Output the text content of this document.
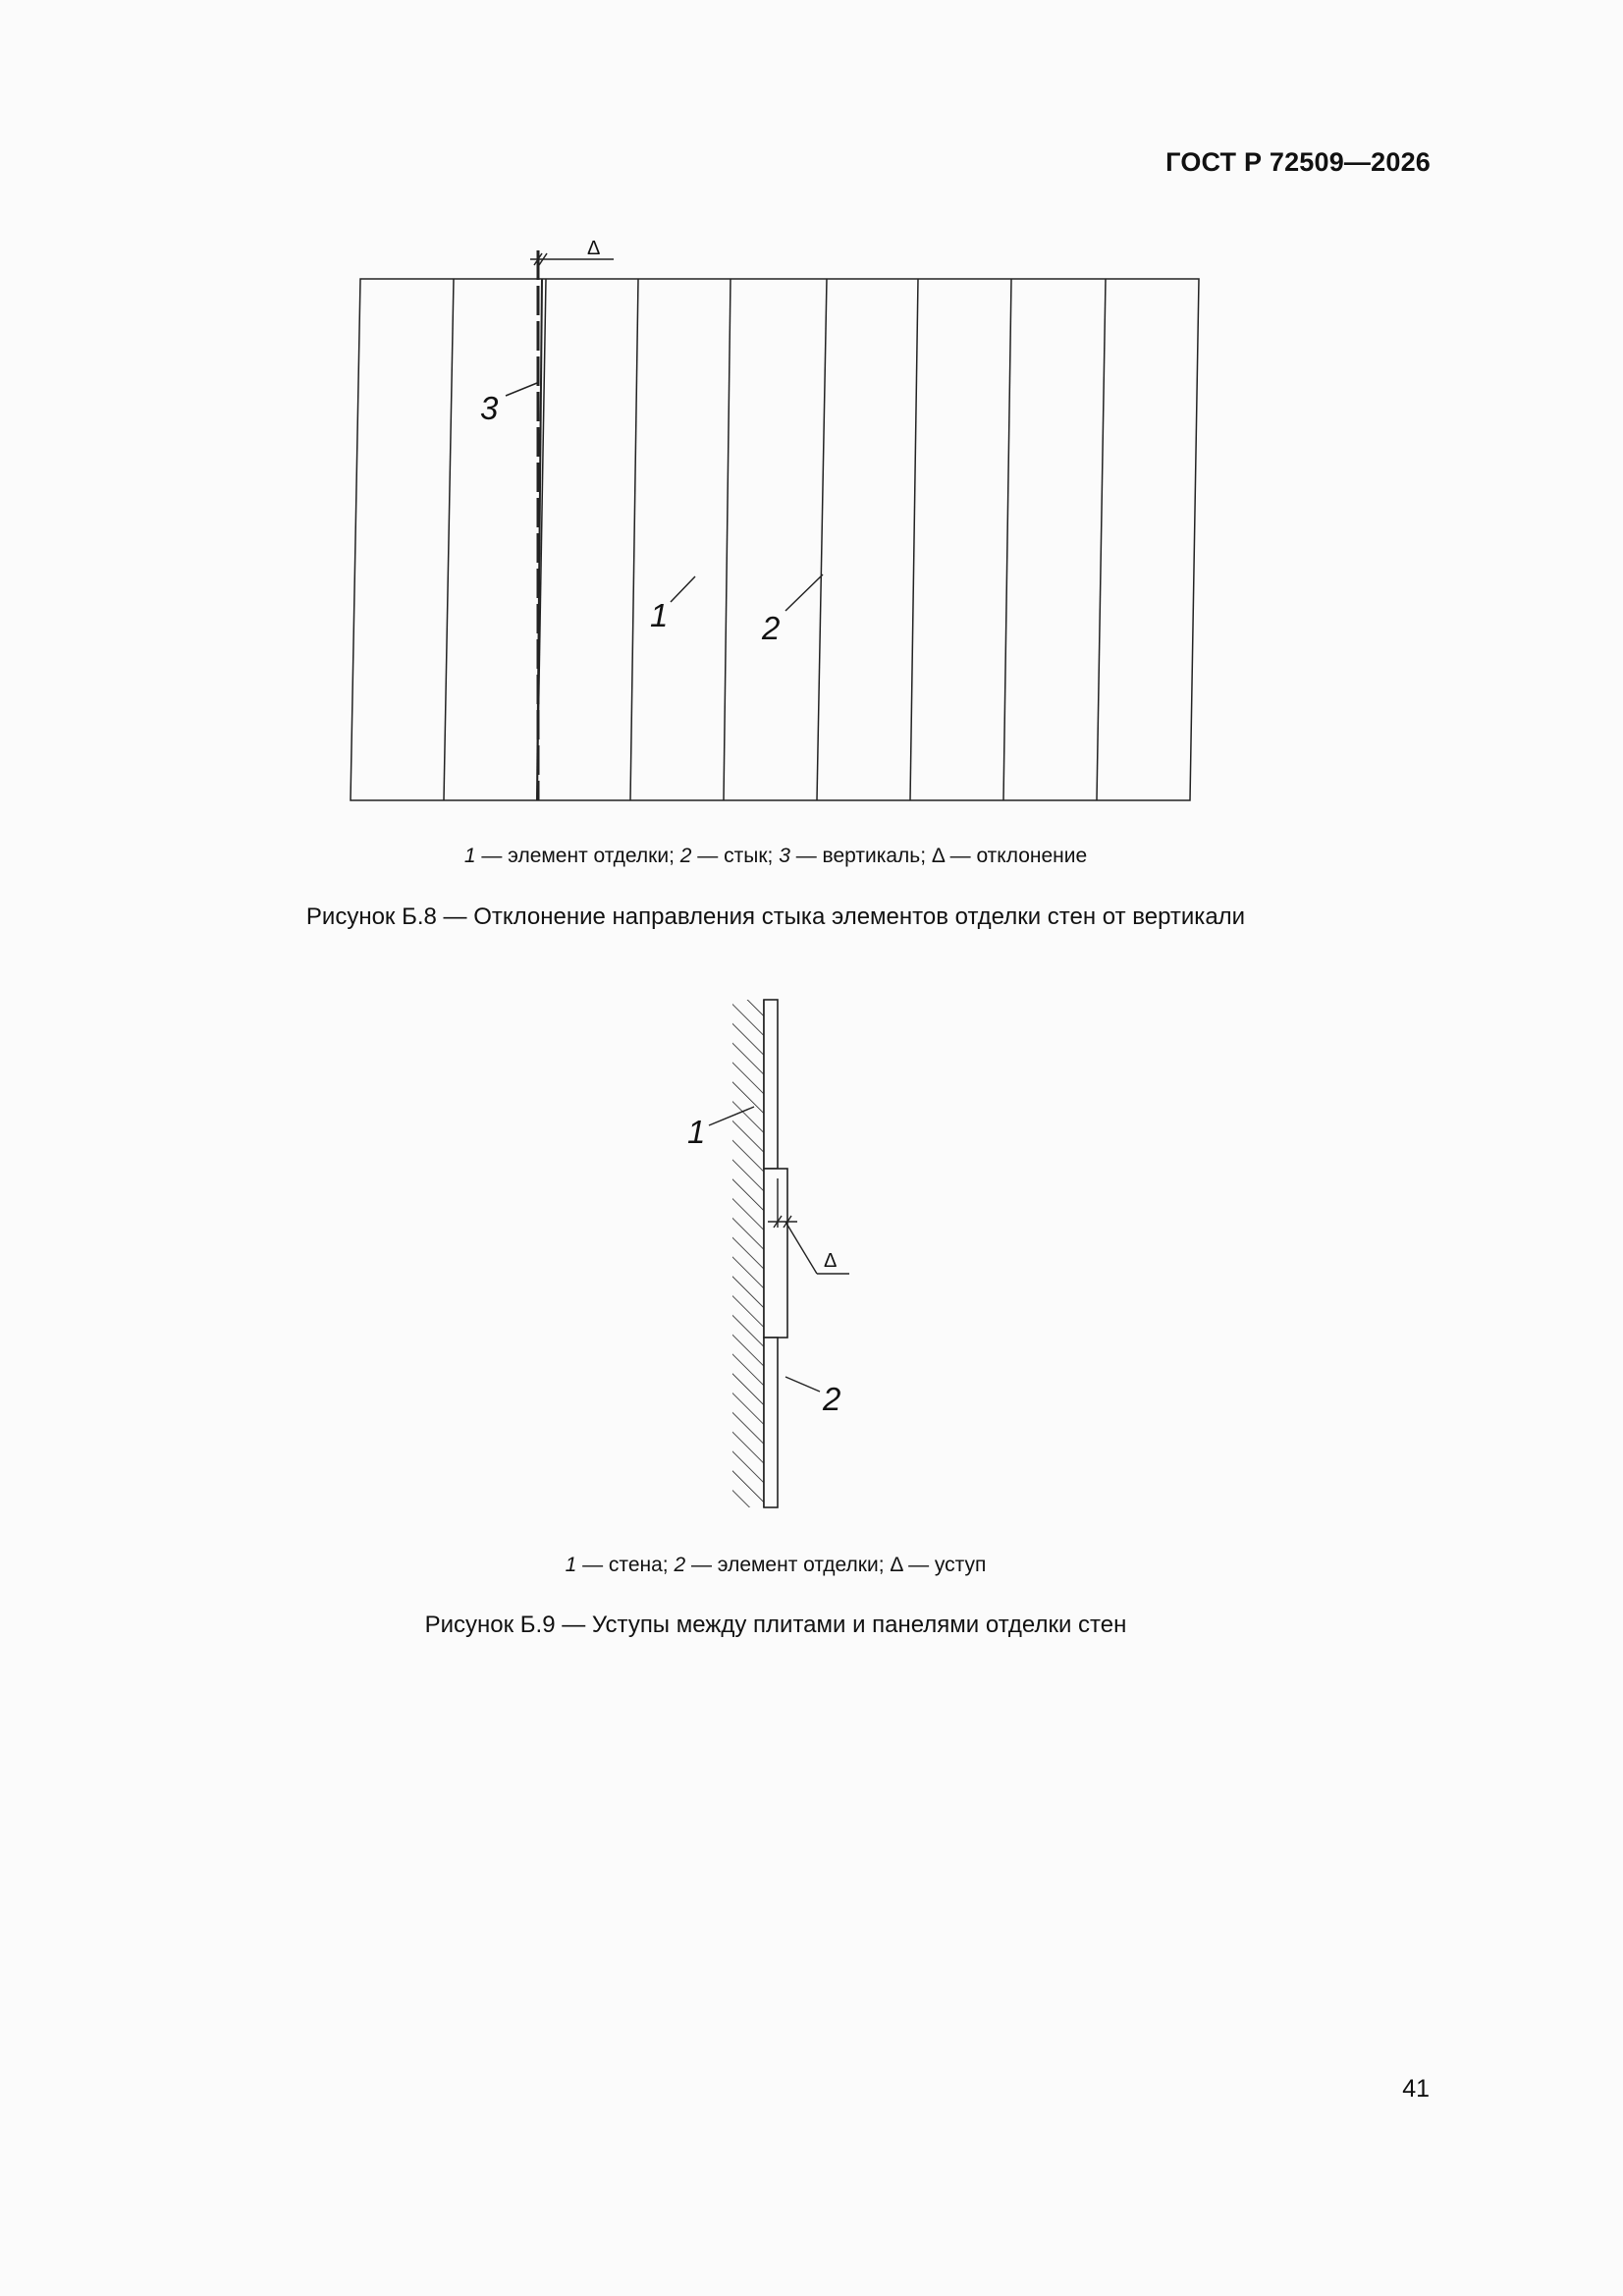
ГОСТ Р 72509—2026
3
1	2
Δ
1 — элемент отделки; 2 — стык; 3 — вертикаль; Δ — отклонение
Рисунок Б.8 — Отклонение направления стыка элементов отделки стен от вертикали
1
2
Δ
1 — стена; 2 — элемент отделки; Δ — уступ
Рисунок Б.9 — Уступы между плитами и панелями отделки стен
41
